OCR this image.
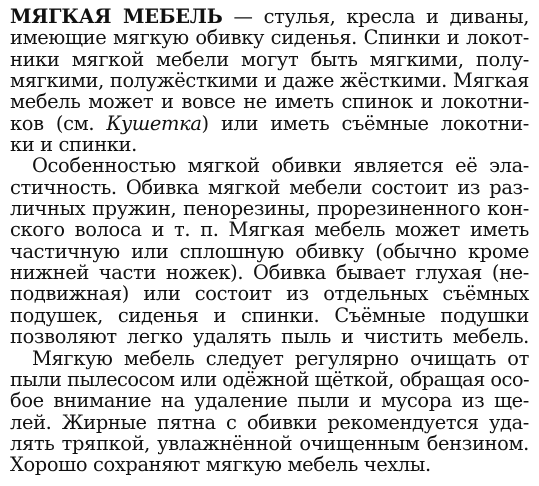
МЯГКАЯ МЕБЕЛЬ — стулья, кресла и диваны,
имеющие мягкую обивку сиденья. Спинки и локот-
ники мягкой мебели могут быть мягкими, полу-
мягкими, полужёсткими и даже жёсткими. Мягкая
мебель может и вовсе не иметь спинок и локотни-
ков (см. Кушетка) или иметь съёмные локотни-
ки и спинки.
Особенностью мягкой обивки является её эла-
стичность. Обивка мягкой мебели состоит из раз-
личных пружин, пенорезины, прорезиненного кон-
ского волоса и т. п. Мягкая мебель может иметь
частичную или сплошную обивку (обычно кроме
нижней части ножек). Обивка бывает глухая (не-
подвижная) или состоит из отдельных съёмных
подушек, сиденья и спинки. Съёмные подушки
позволяют легко удалять пыль и чистить мебель.
Мягкую мебель следует регулярно очищать от
пыли пылесосом или одёжной щёткой, обращая осо-
бое внимание на удаление пыли и мусора из ще-
лей. Жирные пятна с обивки рекомендуется уда-
лять тряпкой, увлажнённой очищенным бензином.
Хорошо сохраняют мягкую мебель чехлы.
